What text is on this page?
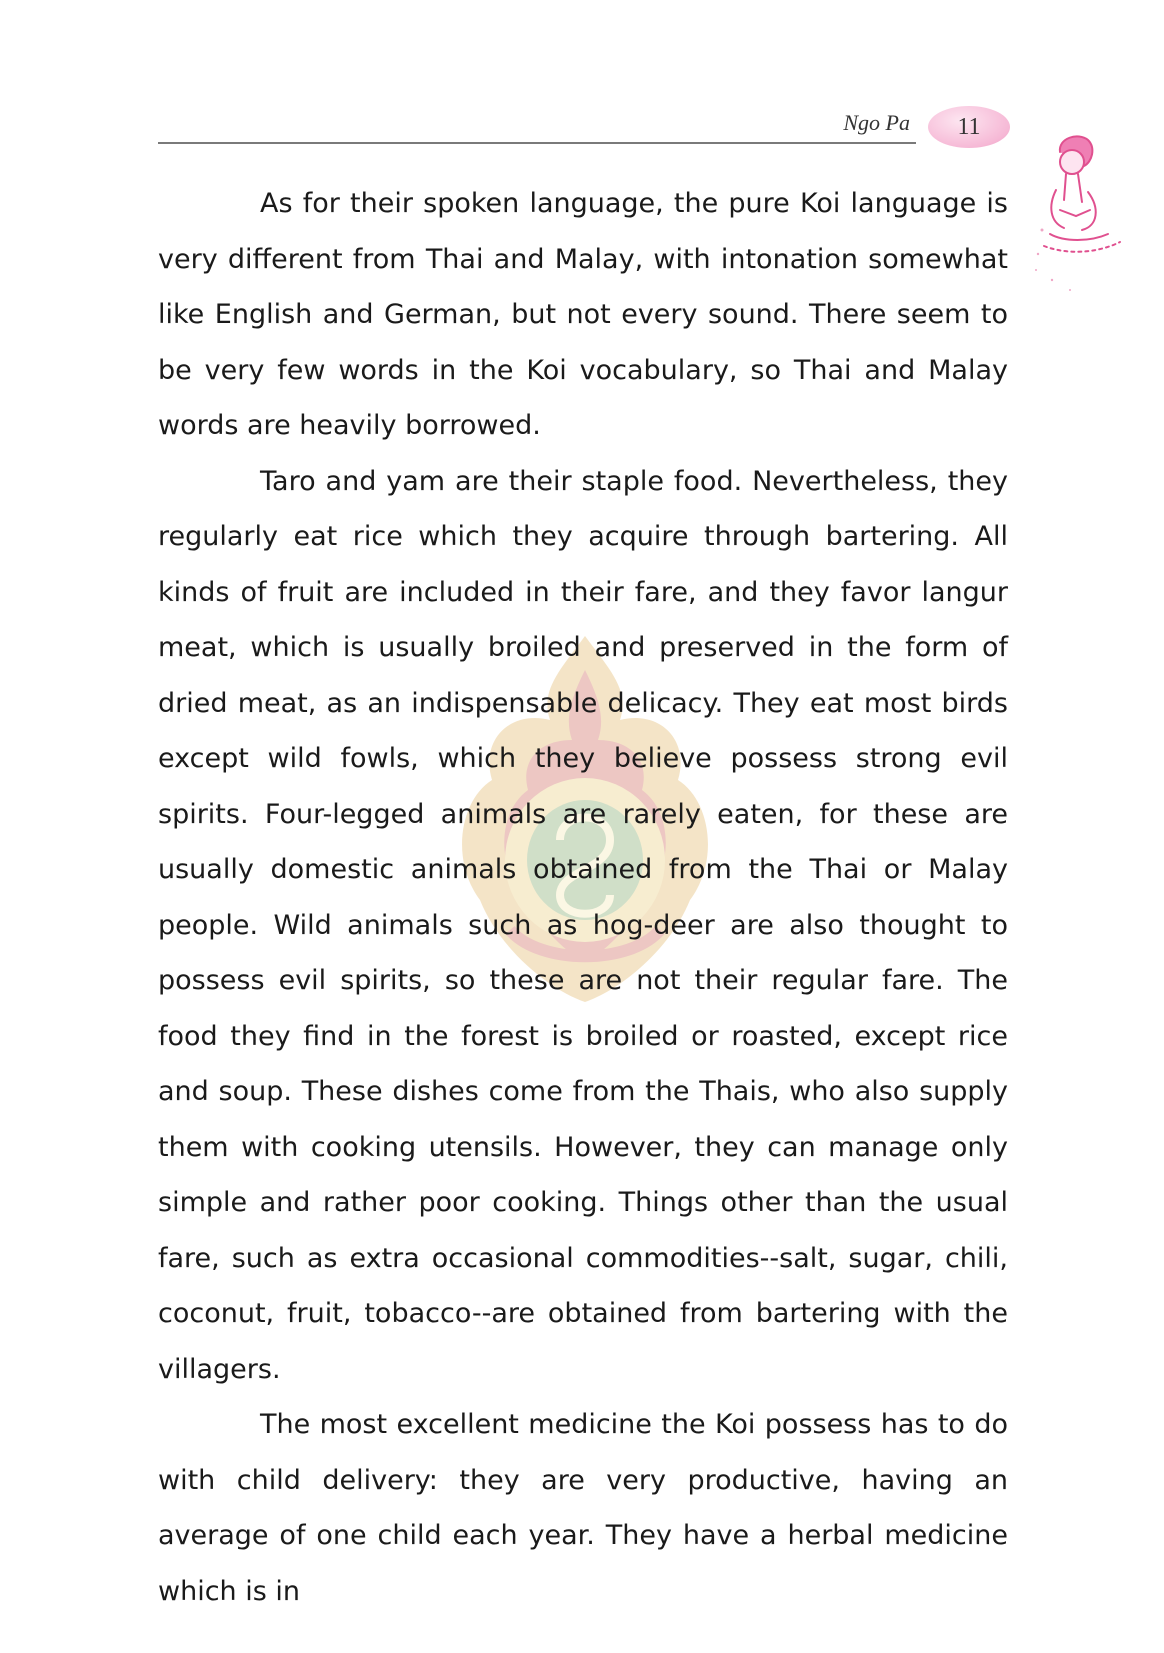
Ngo Pa	11

As for their spoken language, the pure Koi language is very different from Thai and Malay, with intonation somewhat like English and German, but not every sound. There seem to be very few words in the Koi vocabulary, so Thai and Malay words are heavily borrowed.

Taro and yam are their staple food. Nevertheless, they regularly eat rice which they acquire through bartering. All kinds of fruit are included in their fare, and they favor langur meat, which is usually broiled and preserved in the form of dried meat, as an indispensable delicacy. They eat most birds except wild fowls, which they believe possess strong evil spirits. Four-legged animals are rarely eaten, for these are usually domestic animals obtained from the Thai or Malay people. Wild animals such as hog-deer are also thought to possess evil spirits, so these are not their regular fare. The food they find in the forest is broiled or roasted, except rice and soup. These dishes come from the Thais, who also supply them with cooking utensils. However, they can manage only simple and rather poor cooking. Things other than the usual fare, such as extra occasional commodities--salt, sugar, chili, coconut, fruit, tobacco--are obtained from bartering with the villagers.

The most excellent medicine the Koi possess has to do with child delivery: they are very productive, having an average of one child each year. They have a herbal medicine which is in
